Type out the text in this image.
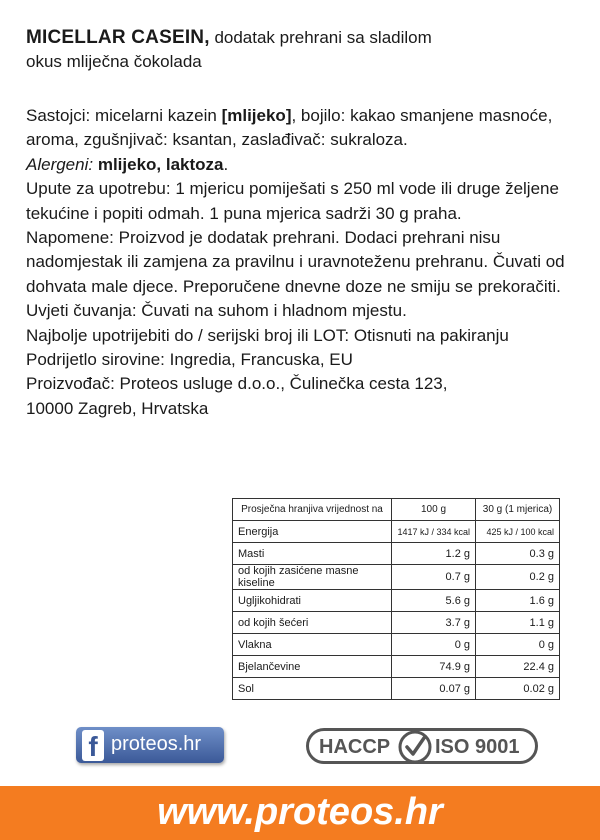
MICELLAR CASEIN, dodatak prehrani sa sladilom
okus mliječna čokolada

Sastojci: micelarni kazein [mlijeko], bojilo: kakao smanjene masnoće, aroma, zgušnjivač: ksantan, zaslađivač: sukraloza.

Alergeni: mlijeko, laktoza.

Upute za upotrebu: 1 mjericu pomiješati s 250 ml vode ili druge željene tekućine i popiti odmah. 1 puna mjerica sadrži 30 g praha.

Napomene: Proizvod je dodatak prehrani. Dodaci prehrani nisu nadomjestak ili zamjena za pravilnu i uravnoteženu prehranu. Čuvati od dohvata male djece. Preporučene dnevne doze ne smiju se prekoračiti.

Uvjeti čuvanja: Čuvati na suhom i hladnom mjestu.

Najbolje upotrijebiti do / serijski broj ili LOT: Otisnuti na pakiranju

Podrijetlo sirovine: Ingredia, Francuska, EU

Proizvođač: Proteos usluge d.o.o., Čulinečka cesta 123,

10000 Zagreb, Hrvatska

Prosječna hranjiva vrijednost na	100 g	30 g (1 mjerica)
Energija	1417 kJ / 334 kcal	425 kJ / 100 kcal
Masti	1.2 g	0.3 g
od kojih zasićene masne kiseline	0.7 g	0.2 g
Ugljikohidrati	5.6 g	1.6 g
od kojih šećeri	3.7 g	1.1 g
Vlakna	0 g	0 g
Bjelančevine	74.9 g	22.4 g
Sol	0.07 g	0.02 g
f proteos.hr	HACCP ISO 9001
www.proteos.hr
